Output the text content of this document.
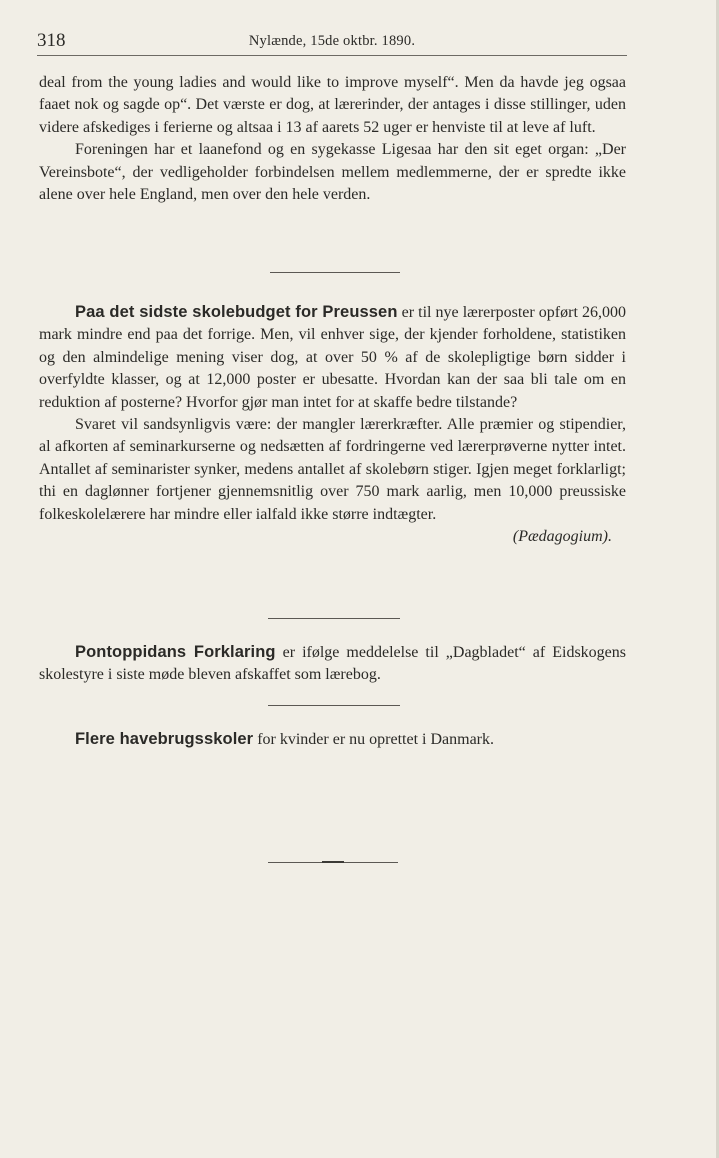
318	Nylænde, 15de oktbr. 1890.

deal from the young ladies and would like to improve myself“. Men da havde jeg ogsaa faaet nok og sagde op“. Det værste er dog, at lærerinder, der antages i disse stillinger, uden videre afskediges i ferierne og altsaa i 13 af aarets 52 uger er henviste til at leve af luft.

Foreningen har et laanefond og en sygekasse Ligesaa har den sit eget organ: „Der Vereinsbote“, der vedligeholder forbindelsen mellem medlemmerne, der er spredte ikke alene over hele England, men over den hele verden.

Paa det sidste skolebudget for Preussen er til nye lærerposter opført 26,000 mark mindre end paa det forrige. Men, vil enhver sige, der kjender forholdene, statistiken og den almindelige mening viser dog, at over 50 % af de skolepligtige børn sidder i overfyldte klasser, og at 12,000 poster er ubesatte. Hvordan kan der saa bli tale om en reduktion af posterne? Hvorfor gjør man intet for at skaffe bedre tilstande?

Svaret vil sandsynligvis være: der mangler lærerkræfter. Alle præmier og stipendier, al afkorten af seminarkurserne og nedsætten af fordringerne ved lærerprøverne nytter intet. Antallet af seminarister synker, medens antallet af skolebørn stiger. Igjen meget forklarligt; thi en daglønner fortjener gjennemsnitlig over 750 mark aarlig, men 10,000 preussiske folkeskolelærere har mindre eller ialfald ikke større indtægter.

(Pædagogium).

Pontoppidans Forklaring er ifølge meddelelse til „Dagbladet“ af Eidskogens skolestyre i siste møde bleven afskaffet som lærebog.

Flere havebrugsskoler for kvinder er nu oprettet i Danmark.
